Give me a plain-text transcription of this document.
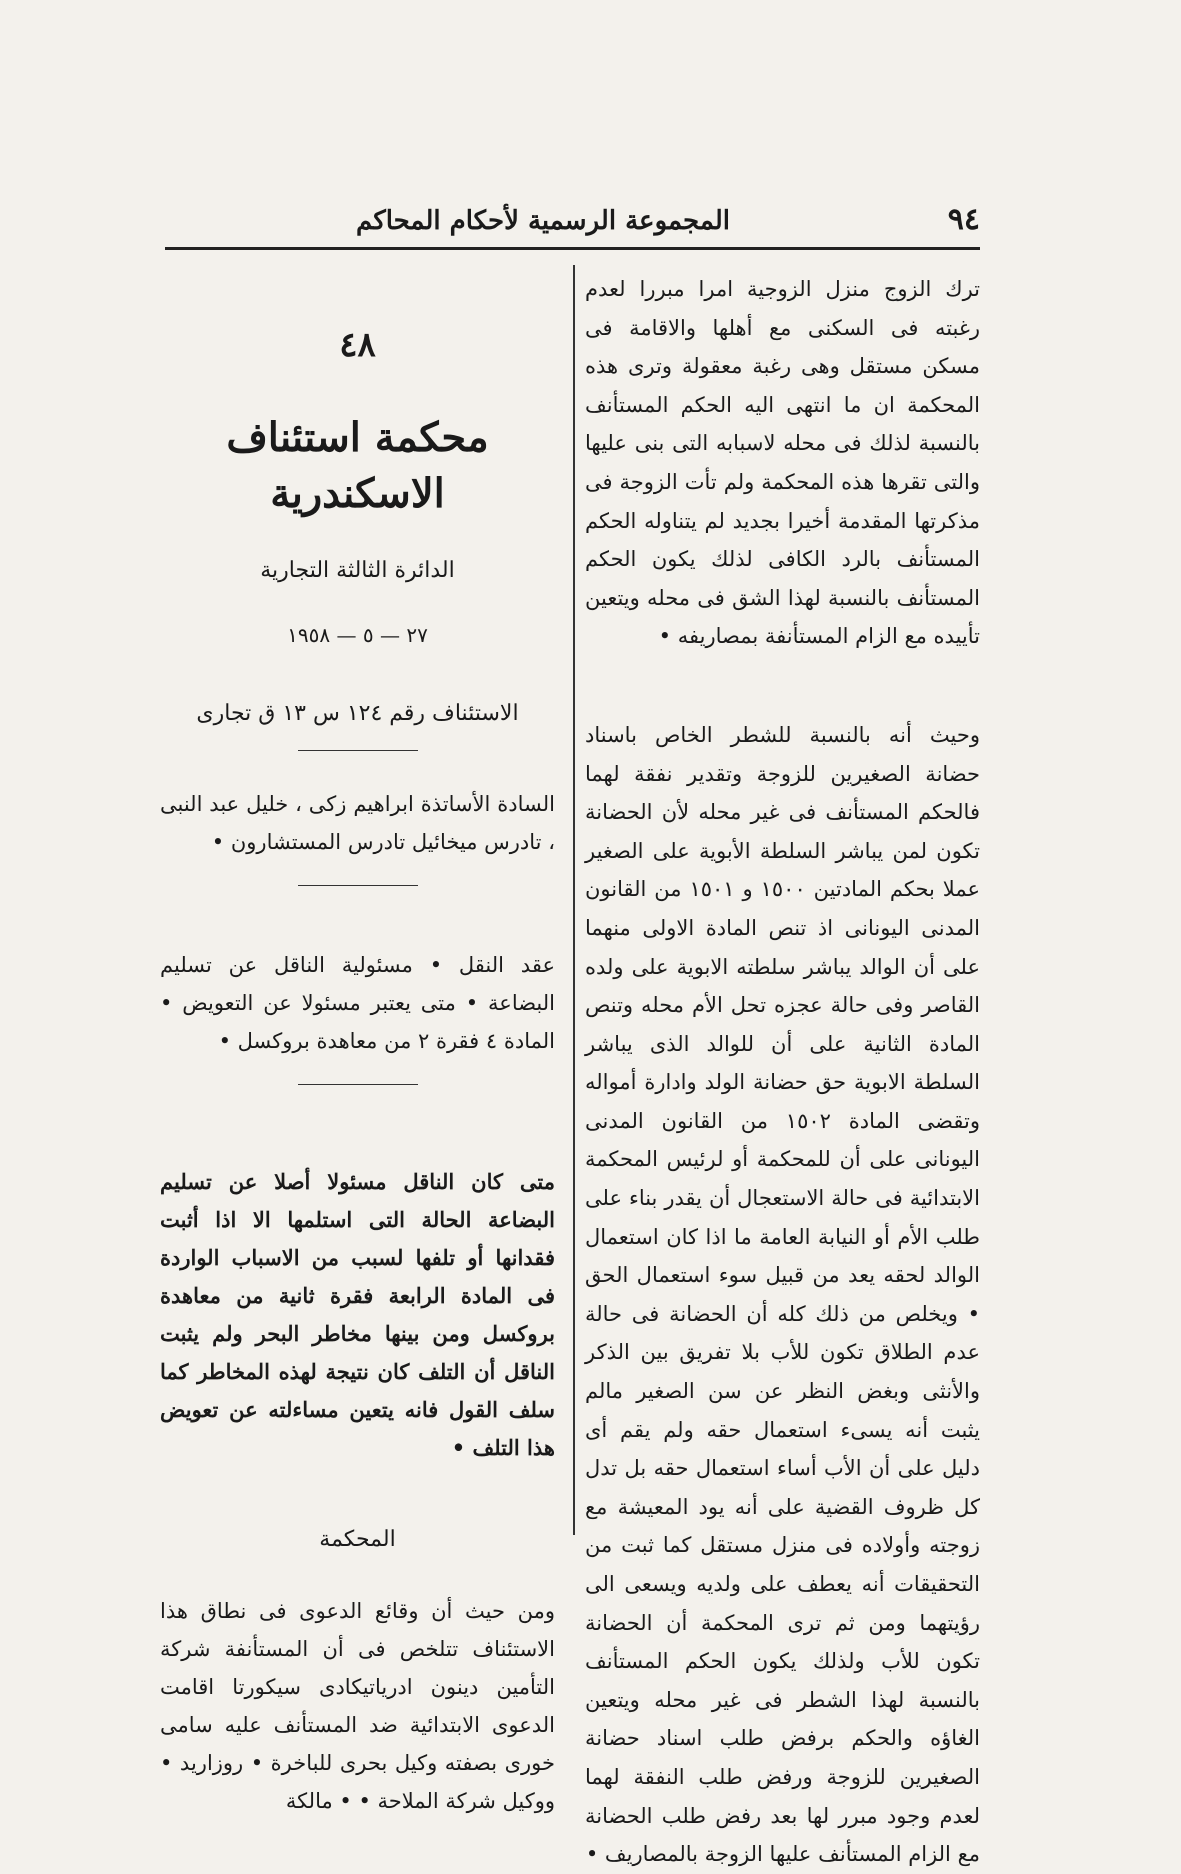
٩٤
المجموعة الرسمية لأحكام المحاكم

ترك الزوج منزل الزوجية امرا مبررا لعدم رغبته فى السكنى مع أهلها والاقامة فى مسكن مستقل وهى رغبة معقولة وترى هذه المحكمة ان ما انتهى اليه الحكم المستأنف بالنسبة لذلك فى محله لاسبابه التى بنى عليها والتى تقرها هذه المحكمة ولم تأت الزوجة فى مذكرتها المقدمة أخيرا بجديد لم يتناوله الحكم المستأنف بالرد الكافى لذلك يكون الحكم المستأنف بالنسبة لهذا الشق فى محله ويتعين تأييده مع الزام المستأنفة بمصاريفه •

وحيث أنه بالنسبة للشطر الخاص باسناد حضانة الصغيرين للزوجة وتقدير نفقة لهما فالحكم المستأنف فى غير محله لأن الحضانة تكون لمن يباشر السلطة الأبوية على الصغير عملا بحكم المادتين ١٥٠٠ و ١٥٠١ من القانون المدنى اليونانى اذ تنص المادة الاولى منهما على أن الوالد يباشر سلطته الابوية على ولده القاصر وفى حالة عجزه تحل الأم محله وتنص المادة الثانية على أن للوالد الذى يباشر السلطة الابوية حق حضانة الولد وادارة أمواله وتقضى المادة ١٥٠٢ من القانون المدنى اليونانى على أن للمحكمة أو لرئيس المحكمة الابتدائية فى حالة الاستعجال أن يقدر بناء على طلب الأم أو النيابة العامة ما اذا كان استعمال الوالد لحقه يعد من قبيل سوء استعمال الحق • ويخلص من ذلك كله أن الحضانة فى حالة عدم الطلاق تكون للأب بلا تفريق بين الذكر والأنثى وبغض النظر عن سن الصغير مالم يثبت أنه يسىء استعمال حقه ولم يقم أى دليل على أن الأب أساء استعمال حقه بل تدل كل ظروف القضية على أنه يود المعيشة مع زوجته وأولاده فى منزل مستقل كما ثبت من التحقيقات أنه يعطف على ولديه ويسعى الى رؤيتهما ومن ثم ترى المحكمة أن الحضانة تكون للأب ولذلك يكون الحكم المستأنف بالنسبة لهذا الشطر فى غير محله ويتعين الغاؤه والحكم برفض طلب اسناد حضانة الصغيرين للزوجة ورفض طلب النفقة لهما لعدم وجود مبرر لها بعد رفض طلب الحضانة مع الزام المستأنف عليها الزوجة بالمصاريف •

٤٨

محكمة استئناف الاسكندرية

الدائرة الثالثة التجارية

٢٧ — ٥ — ١٩٥٨

الاستئناف رقم ١٢٤ س ١٣ ق تجارى

السادة الأساتذة ابراهيم زكى ، خليل عبد النبى ، تادرس ميخائيل تادرس المستشارون •

عقد النقل • مسئولية الناقل عن تسليم البضاعة • متى يعتبر مسئولا عن التعويض • المادة ٤ فقرة ٢ من معاهدة بروكسل •

متى كان الناقل مسئولا أصلا عن تسليم البضاعة الحالة التى استلمها الا اذا أثبت فقدانها أو تلفها لسبب من الاسباب الواردة فى المادة الرابعة فقرة ثانية من معاهدة بروكسل ومن بينها مخاطر البحر ولم يثبت الناقل أن التلف كان نتيجة لهذه المخاطر كما سلف القول فانه يتعين مساءلته عن تعويض هذا التلف •

المحكمة

ومن حيث أن وقائع الدعوى فى نطاق هذا الاستئناف تتلخص فى أن المستأنفة شركة التأمين دينون ادرياتيكادى سيكورتا اقامت الدعوى الابتدائية ضد المستأنف عليه سامى خورى بصفته وكيل بحرى للباخرة • روزاريد • ووكيل شركة الملاحة • • مالكة
